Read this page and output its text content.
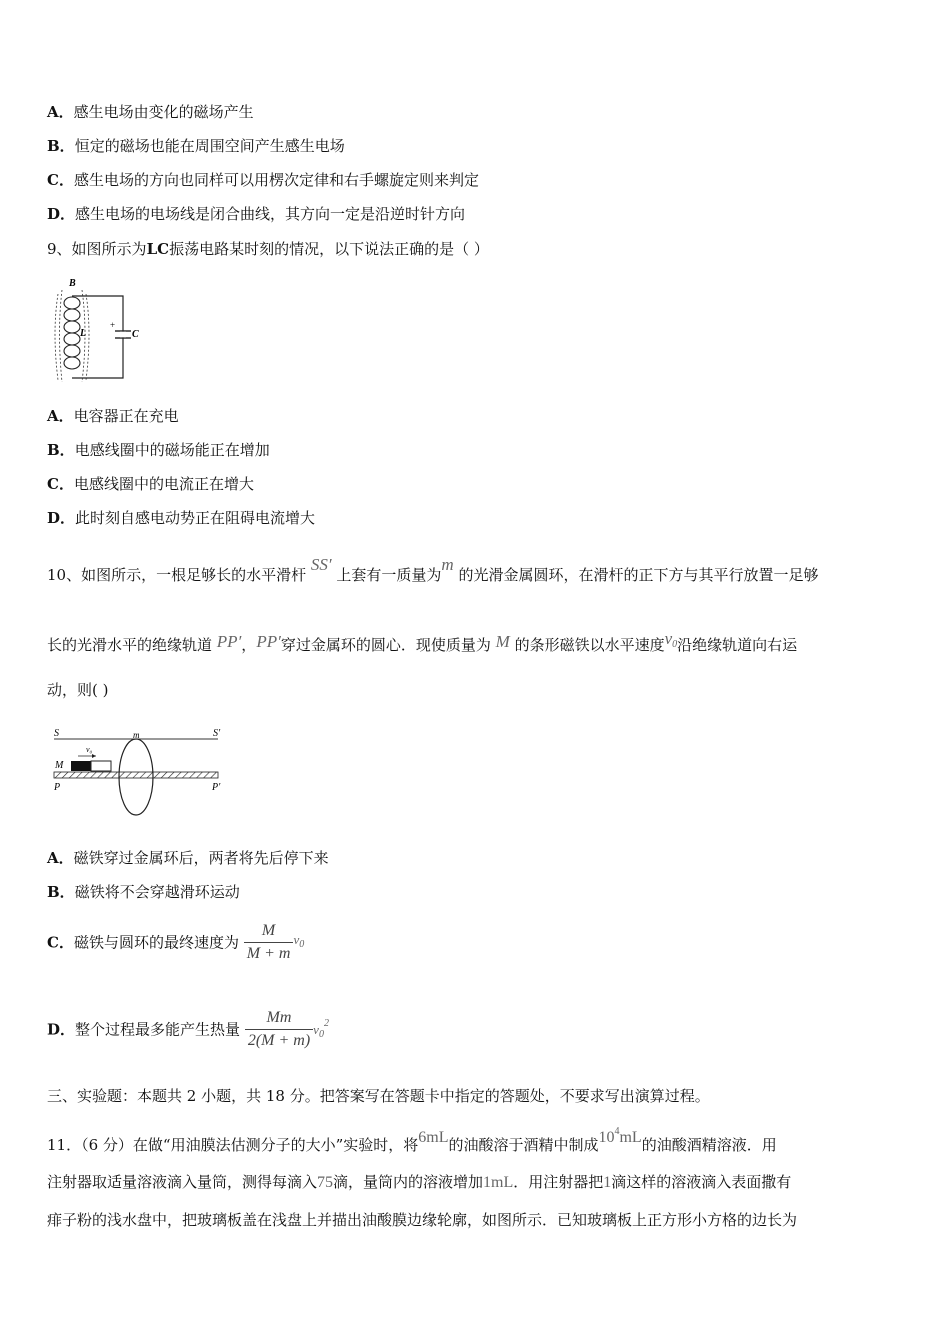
A．感生电场由变化的磁场产生
B．恒定的磁场也能在周围空间产生感生电场
C．感生电场的方向也同样可以用楞次定律和右手螺旋定则来判定
D．感生电场的电场线是闭合曲线，其方向一定是沿逆时针方向
9、如图所示为LC振荡电路某时刻的情况，以下说法正确的是（ ）
B
L	C
+
A．电容器正在充电
B．电感线圈中的磁场能正在增加
C．电感线圈中的电流正在增大
D．此时刻自感电动势正在阻碍电流增大
10、如图所示，一根足够长的水平滑杆 SS′ 上套有一质量为m 的光滑金属圆环，在滑杆的正下方与其平行放置一足够
长的光滑水平的绝缘轨道 PP′，PP′穿过金属环的圆心．现使质量为 M 的条形磁铁以水平速度$v_0$沿绝缘轨道向右运
动，则( )
S	S′
m
v₀
M
P	P′
A．磁铁穿过金属环后，两者将先后停下来
B．磁铁将不会穿越滑环运动
C．磁铁与圆环的最终速度为 $\frac{M}{M + m} v_0$
D．整个过程最多能产生热量 $\frac{Mm}{2(M + m)} v_0^2$
三、实验题：本题共 2 小题，共 18 分。把答案写在答题卡中指定的答题处，不要求写出演算过程。
11．（6 分）在做“用油膜法估测分子的大小”实验时，将6mL的油酸溶于酒精中制成$10^4mL$的油酸酒精溶液．用
注射器取适量溶液滴入量筒，测得每滴入75滴，量筒内的溶液增加1mL．用注射器把1滴这样的溶液滴入表面撒有
痱子粉的浅水盘中，把玻璃板盖在浅盘上并描出油酸膜边缘轮廓，如图所示．已知玻璃板上正方形小方格的边长为
